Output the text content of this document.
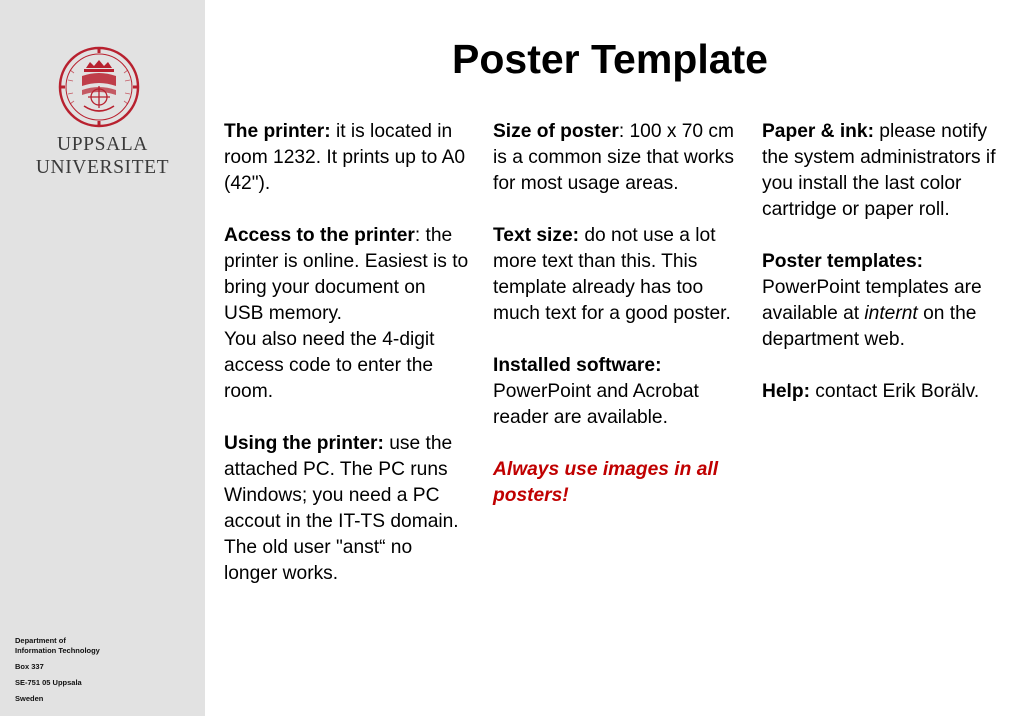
UPPSALA
UNIVERSITET
Department of
Information Technology
Box 337
SE-751 05 Uppsala
Sweden
Poster Template

The printer: it is located in room 1232. It prints up to A0 (42").

Access to the printer: the printer is online. Easiest is to bring your document on USB memory.

You also need the 4-digit access code to enter the room.

Using the printer: use the attached PC. The PC runs Windows; you need a PC accout in the IT-TS domain. The old user "anst“ no longer works.

Size of poster: 100 x 70 cm is a common size that works for most usage areas.

Text size: do not use a lot more text than this. This template already has too much text for a good poster.

Installed software: PowerPoint and Acrobat reader are available.

Always use images in all posters!

Paper & ink: please notify the system administrators if you install the last color cartridge or paper roll.

Poster templates: PowerPoint templates are available at internt on the department web.

Help: contact Erik Borälv.
